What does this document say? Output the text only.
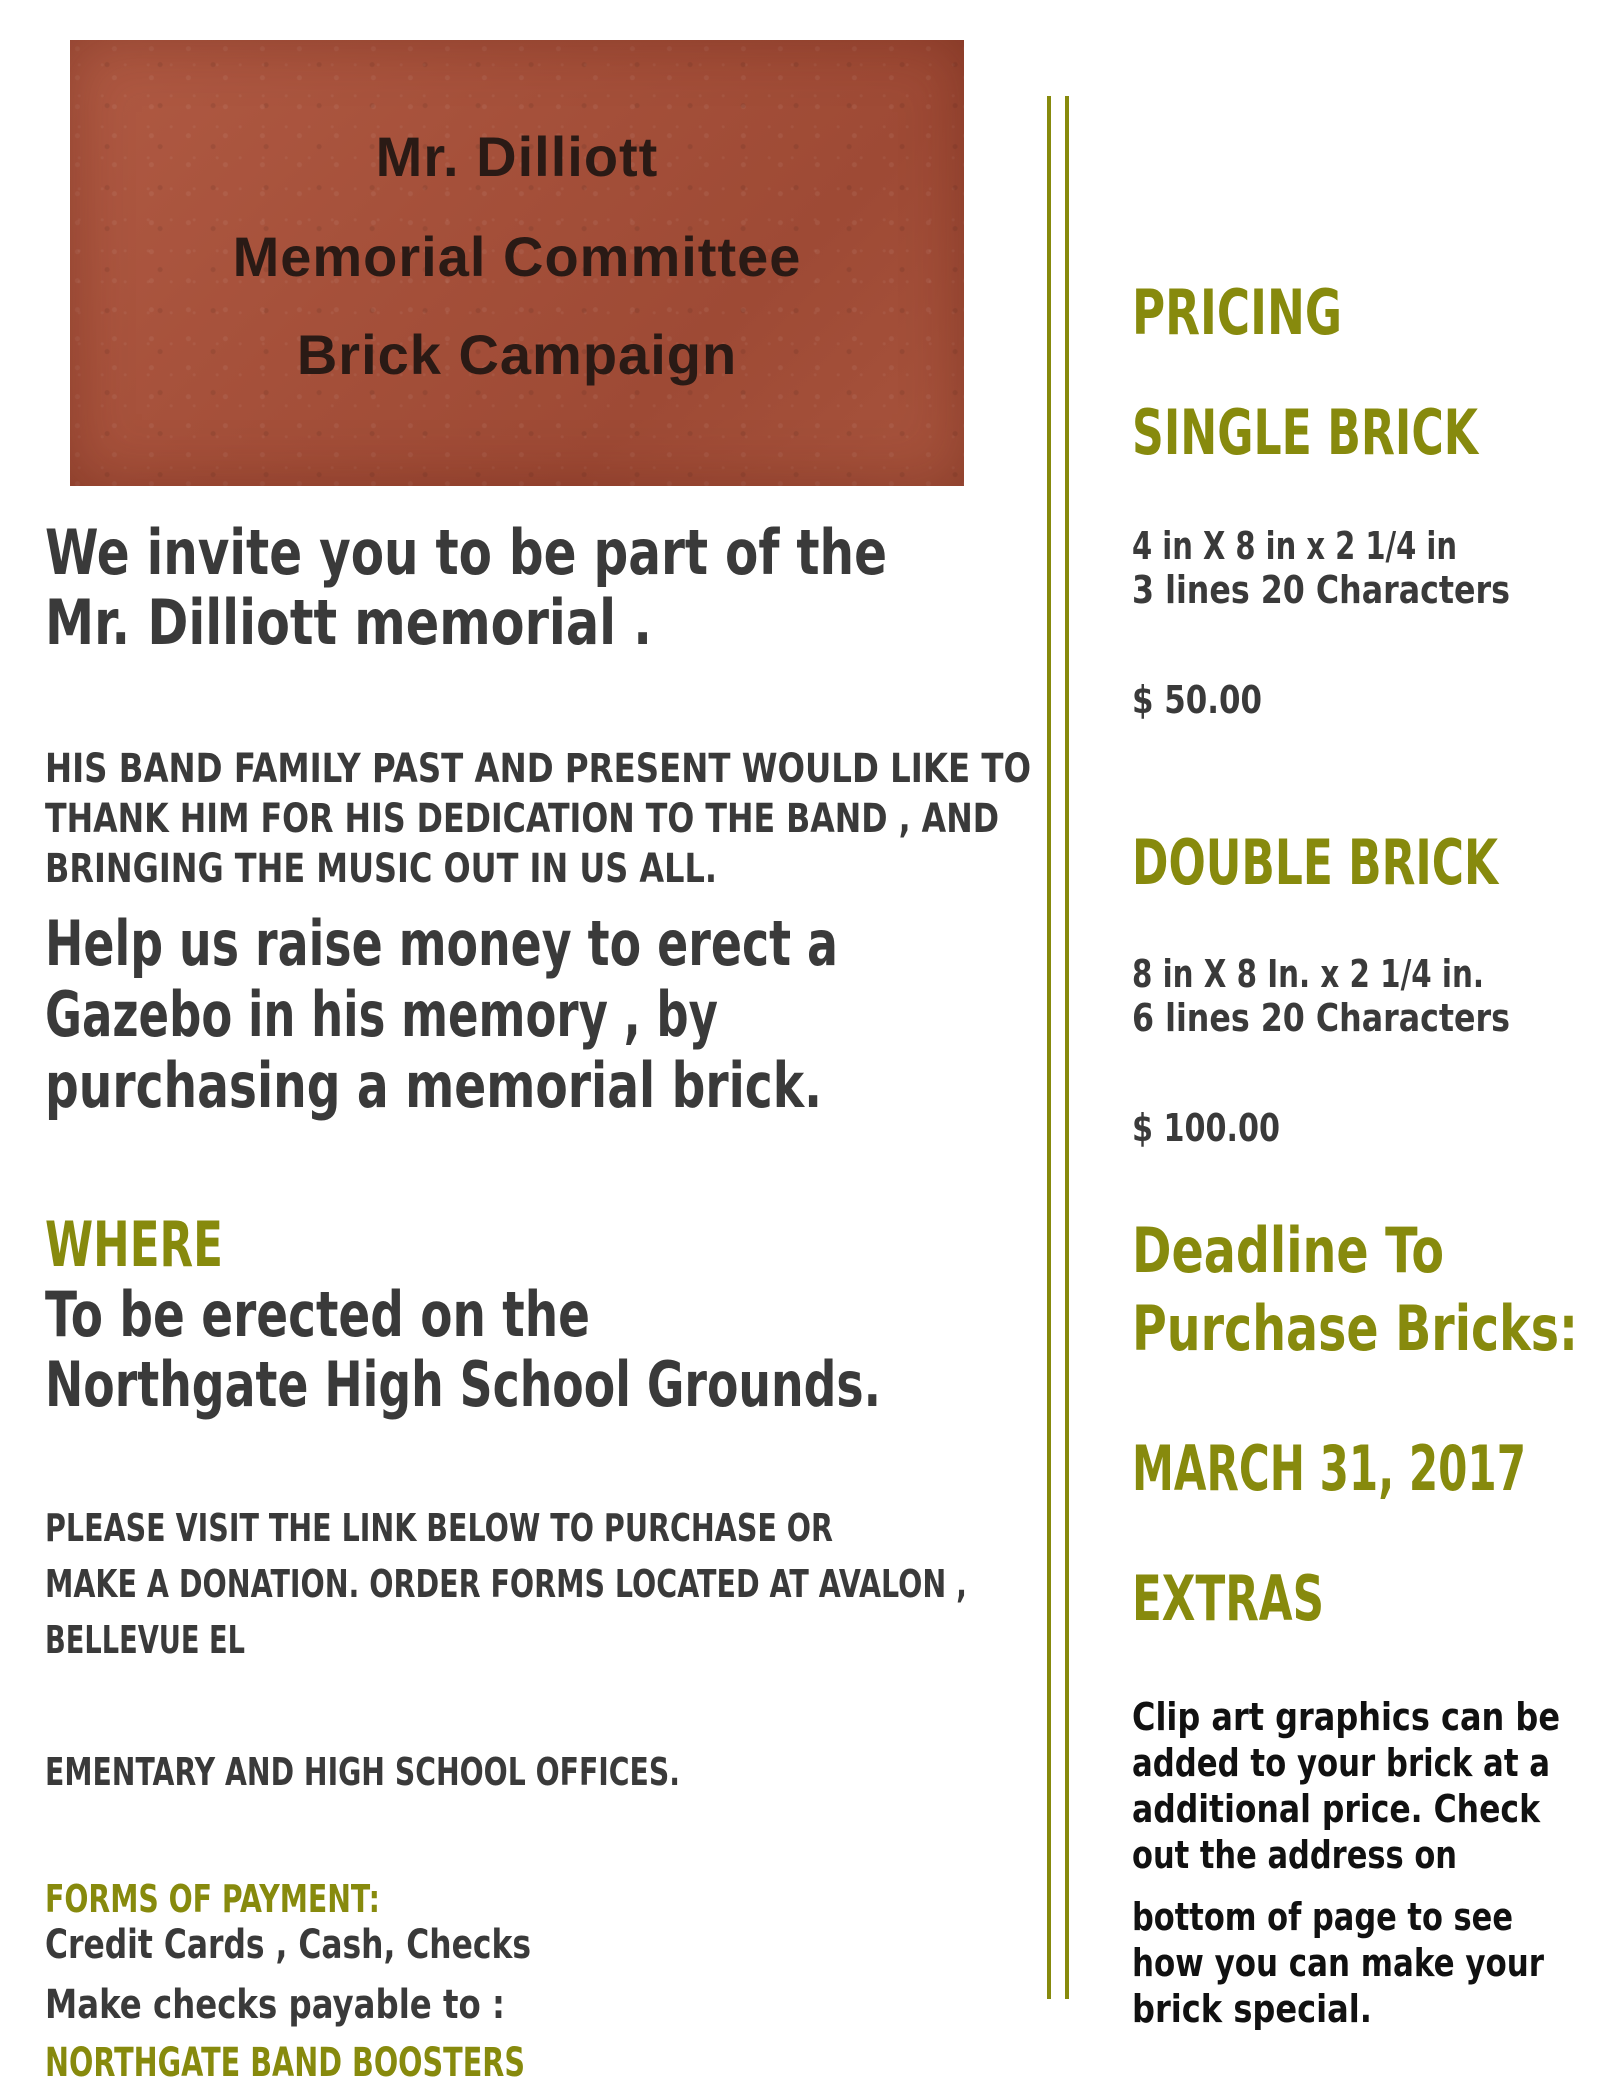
Mr. Dilliott
Memorial Committee
Brick Campaign
We invite you to be part of the
Mr. Dilliott memorial .
HIS BAND FAMILY PAST AND PRESENT WOULD LIKE TO
THANK HIM FOR HIS DEDICATION TO THE BAND , AND
BRINGING THE MUSIC OUT IN US ALL.
Help us raise money to erect a
Gazebo in his memory , by
purchasing a memorial brick.
WHERE
To be erected on the
Northgate High School Grounds.
PLEASE VISIT THE LINK BELOW TO PURCHASE OR
MAKE A DONATION. ORDER FORMS LOCATED AT AVALON ,
BELLEVUE EL
EMENTARY AND HIGH SCHOOL OFFICES.
FORMS OF PAYMENT:
Credit Cards , Cash, Checks
Make checks payable to :
NORTHGATE BAND BOOSTERS
PRICING
SINGLE BRICK
4 in X 8 in x 2 1/4 in
3 lines 20 Characters
$ 50.00
DOUBLE BRICK
8 in X 8 In. x 2 1/4 in.
6 lines 20 Characters
$ 100.00
Deadline To
Purchase Bricks:
MARCH 31, 2017
EXTRAS
Clip art graphics can be
added to your brick at a
additional price. Check
out the address on
bottom of page to see
how you can make your
brick special.
